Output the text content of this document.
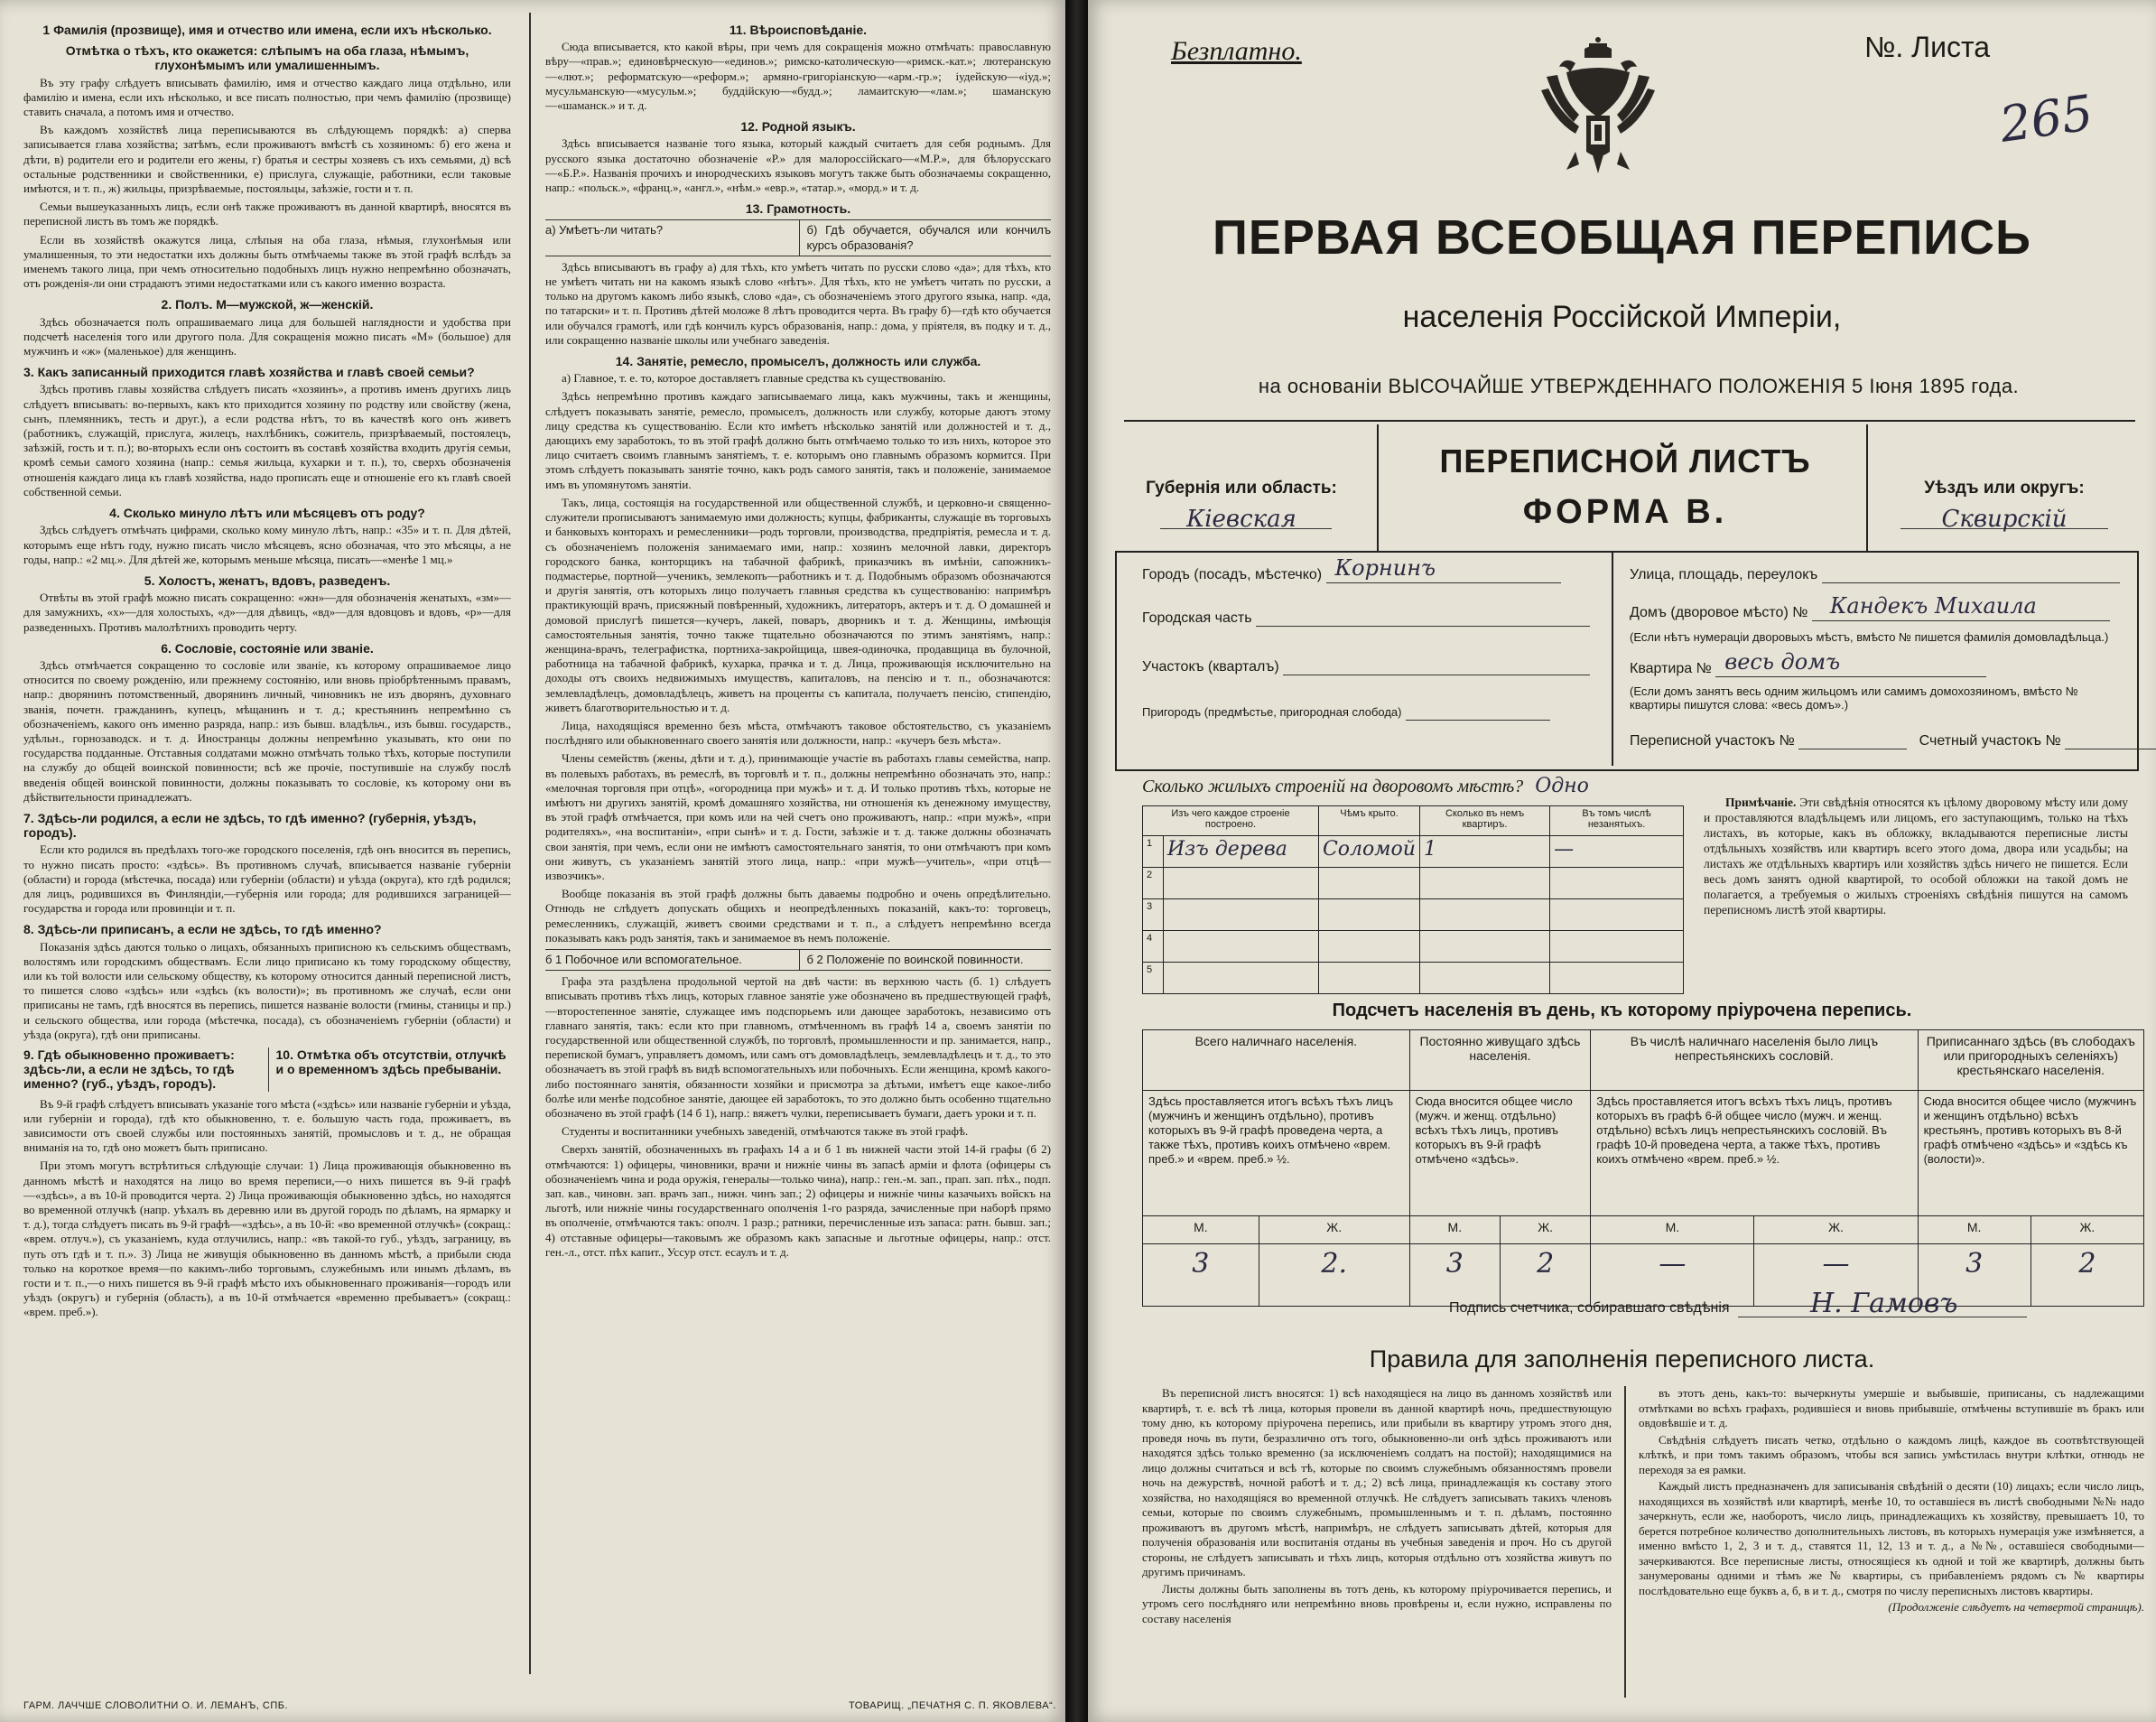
1 Фамилія (прозвище), имя и отчество или имена, если ихъ нѣсколько.
Отмѣтка о тѣхъ, кто окажется: слѣпымъ на оба глаза, нѣмымъ, глухонѣмымъ или умалишеннымъ.

Въ эту графу слѣдуетъ вписывать фамилію, имя и отчество каждаго лица отдѣльно, или фамилію и имена, если ихъ нѣсколько, и все писать полностью, при чемъ фамилію (прозвище) ставить сначала, а потомъ имя и отчество.

Въ каждомъ хозяйствѣ лица переписываются въ слѣдующемъ порядкѣ: а) сперва записывается глава хозяйства; затѣмъ, если проживаютъ вмѣстѣ съ хозяиномъ: б) его жена и дѣти, в) родители его и родители его жены, г) братья и сестры хозяевъ съ ихъ семьями, д) всѣ остальные родственники и свойственники, е) прислуга, служащіе, работники, если таковые имѣются, и т. п., ж) жильцы, призрѣваемые, постояльцы, заѣзжіе, гости и т. п.

Семьи вышеуказанныхъ лицъ, если онѣ также проживаютъ въ данной квартирѣ, вносятся въ переписной листъ въ томъ же порядкѣ.

Если въ хозяйствѣ окажутся лица, слѣпыя на оба глаза, нѣмыя, глухонѣмыя или умалишенныя, то эти недостатки ихъ должны быть отмѣчаемы также въ этой графѣ вслѣдъ за именемъ такого лица, при чемъ относительно подобныхъ лицъ нужно непремѣнно обозначать, отъ рожденія-ли они страдаютъ этими недостатками или съ какого именно возраста.

2. Полъ. М—мужской, ж—женскій.

Здѣсь обозначается полъ опрашиваемаго лица для большей наглядности и удобства при подсчетѣ населенія того или другого пола. Для сокращенія можно писать «М» (большое) для мужчинъ и «ж» (маленькое) для женщинъ.

3. Какъ записанный приходится главѣ хозяйства и главѣ своей семьи?

Здѣсь противъ главы хозяйства слѣдуетъ писать «хозяинъ», а противъ именъ другихъ лицъ слѣдуетъ вписывать: во-первыхъ, какъ кто приходится хозяину по родству или свойству (жена, сынъ, племянникъ, тесть и друг.), а если родства нѣтъ, то въ качествѣ кого онъ живетъ (работникъ, служащій, прислуга, жилецъ, нахлѣбникъ, сожитель, призрѣваемый, постоялецъ, заѣзжій, гость и т. п.); во-вторыхъ если онъ состоитъ въ составѣ хозяйства входить другія семьи, кромѣ семьи самого хозяина (напр.: семья жильца, кухарки и т. п.), то, сверхъ обозначенія отношенія каждаго лица къ главѣ хозяйства, надо прописать еще и отношеніе его къ главѣ своей собственной семьи.

4. Сколько минуло лѣтъ или мѣсяцевъ отъ роду?

Здѣсь слѣдуетъ отмѣчать цифрами, сколько кому минуло лѣтъ, напр.: «35» и т. п. Для дѣтей, которымъ еще нѣтъ году, нужно писать число мѣсяцевъ, ясно обозначая, что это мѣсяцы, а не годы, напр.: «2 мц.». Для дѣтей же, которымъ меньше мѣсяца, писать—«менѣе 1 мц.»

5. Холостъ, женатъ, вдовъ, разведенъ.

Отвѣты въ этой графѣ можно писать сокращенно: «жн»—для обозначенія женатыхъ, «зм»—для замужнихъ, «х»—для холостыхъ, «д»—для дѣвицъ, «вд»—для вдовцовъ и вдовъ, «р»—для разведенныхъ. Противъ малолѣтнихъ проводить черту.

6. Сословіе, состояніе или званіе.

Здѣсь отмѣчается сокращенно то сословіе или званіе, къ которому опрашиваемое лицо относится по своему рожденію, или прежнему состоянію, или вновь пріобрѣтеннымъ правамъ, напр.: дворянинъ потомственный, дворянинъ личный, чиновникъ не изъ дворянъ, духовнаго званія, почетн. гражданинъ, купецъ, мѣщанинъ и т. д.; крестьянинъ непремѣнно съ обозначеніемъ, какого онъ именно разряда, напр.: изъ бывш. владѣльч., изъ бывш. государств., удѣльн., горнозаводск. и т. д. Иностранцы должны непремѣнно указывать, кто они по государства подданные. Отставныя солдатами можно отмѣчать только тѣхъ, которые поступили на службу до общей воинской повинности; всѣ же прочіе, поступившіе на службу послѣ введенія общей воинской повинности, должны показывать то сословіе, къ которому они въ дѣйствительности принадлежатъ.

7. Здѣсь-ли родился, а если не здѣсь, то гдѣ именно? (губернія, уѣздъ, городъ).

Если кто родился въ предѣлахъ того-же городского поселенія, гдѣ онъ вносится въ перепись, то нужно писать просто: «здѣсь». Въ противномъ случаѣ, вписывается названіе губерніи (области) и города (мѣстечка, посада) или губерніи (области) и уѣзда (округа), кто гдѣ родился; для лицъ, родившихся въ Финляндіи,—губернія или города; для родившихся заграницей—государства и города или провинціи и т. п.

8. Здѣсь-ли приписанъ, а если не здѣсь, то гдѣ именно?

Показанія здѣсь даются только о лицахъ, обязанныхъ приписною къ сельскимъ обществамъ, волостямъ или городскимъ обществамъ. Если лицо приписано къ тому городскому обществу, или къ той волости или сельскому обществу, къ которому относится данный переписной листъ, то пишется слово «здѣсь» или «здѣсь (къ волости)»; въ противномъ же случаѣ, если они приписаны не тамъ, гдѣ вносятся въ перепись, пишется названіе волости (гмины, станицы и пр.) и сельского общества, или города (мѣстечка, посада), съ обозначеніемъ губерніи (области) и уѣзда (округа), гдѣ они приписаны.

9. Гдѣ обыкновенно проживаетъ: здѣсь-ли, а если не здѣсь, то гдѣ именно? (губ., уѣздъ, городъ).
10. Отмѣтка объ отсутствіи, отлучкѣ и о временномъ здѣсь пребываніи.

Въ 9-й графѣ слѣдуетъ вписывать указаніе того мѣста («здѣсь» или названіе губерніи и уѣзда, или губерніи и города), гдѣ кто обыкновенно, т. е. большую часть года, проживаетъ, въ зависимости отъ своей службы или постоянныхъ занятій, промысловъ и т. д., не обращая вниманія на то, гдѣ оно можетъ быть приписано.

При этомъ могутъ встрѣтиться слѣдующіе случаи: 1) Лица проживающія обыкновенно въ данномъ мѣстѣ и находятся на лицо во время переписи,—о нихъ пишется въ 9-й графѣ—«здѣсь», а въ 10-й проводится черта. 2) Лица проживающія обыкновенно здѣсь, но находятся во временной отлучкѣ (напр. уѣхалъ въ деревню или въ другой городъ по дѣламъ, на ярмарку и т. д.), тогда слѣдуетъ писать въ 9-й графѣ—«здѣсь», а въ 10-й: «во временной отлучкѣ» (сокращ.: «врем. отлуч.»), съ указаніемъ, куда отлучились, напр.: «въ такой-то губ., уѣздъ, заграницу, въ путь отъ гдѣ и т. п.». 3) Лица не живущія обыкновенно въ данномъ мѣстѣ, а прибыли сюда только на короткое время—по какимъ-либо торговымъ, служебнымъ или инымъ дѣламъ, въ гости и т. п.,—о нихъ пишется въ 9-й графѣ мѣсто ихъ обыкновеннаго проживанія—городъ или уѣздъ (округъ) и губернія (область), а въ 10-й отмѣчается «временно пребываетъ» (сокращ.: «врем. преб.»).

11. Вѣроисповѣданіе.

Сюда вписывается, кто какой вѣры, при чемъ для сокращенія можно отмѣчать: православную вѣру—«прав.»; единовѣрческую—«единов.»; римско-католическую—«римск.-кат.»; лютеранскую—«лют.»; реформатскую—«реформ.»; армяно-григоріанскую—«арм.-гр.»; іудейскую—«іуд.»; мусульманскую—«мусульм.»; буддійскую—«будд.»; ламаитскую—«лам.»; шаманскую—«шаманск.» и т. д.

12. Родной языкъ.

Здѣсь вписывается названіе того языка, который каждый считаетъ для себя роднымъ. Для русского языка достаточно обозначеніе «Р.» для малороссійскаго—«М.Р.», для бѣлорусскаго—«Б.Р.». Названія прочихъ и инородческихъ языковъ могутъ также быть обозначаемы сокращенно, напр.: «польск.», «франц.», «англ.», «нѣм.» «евр.», «татар.», «морд.» и т. д.

13. Грамотность.
а) Умѣетъ-ли читать?	б) Гдѣ обучается, обучался или кончилъ курсъ образованія?

Здѣсь вписываютъ въ графу а) для тѣхъ, кто умѣетъ читать по русски слово «да»; для тѣхъ, кто не умѣетъ читать ни на какомъ языкѣ слово «нѣтъ». Для тѣхъ, кто не умѣетъ читать по русски, а только на другомъ какомъ либо языкѣ, слово «да», съ обозначеніемъ этого другого языка, напр. «да, по татарски» и т. п. Противъ дѣтей моложе 8 лѣтъ проводится черта. Въ графу б)—гдѣ кто обучается или обучался грамотѣ, или гдѣ кончилъ курсъ образованія, напр.: дома, у пріятеля, въ подку и т. д., или сокращенно названіе школы или учебнаго заведенія.

14. Занятіе, ремесло, промыселъ, должность или служба.

а) Главное, т. е. то, которое доставляетъ главные средства къ существованію.

Здѣсь непремѣнно противъ каждаго записываемаго лица, какъ мужчины, такъ и женщины, слѣдуетъ показывать занятіе, ремесло, промыселъ, должность или службу, которые даютъ этому лицу средства къ существованію. Если кто имѣетъ нѣсколько занятій или должностей и т. д., дающихъ ему заработокъ, то въ этой графѣ должно быть отмѣчаемо только то изъ нихъ, которое это лицо считаетъ своимъ главнымъ занятіемъ, т. е. которымъ оно главнымъ образомъ кормится. При этомъ слѣдуетъ показывать занятіе точно, какъ родъ самого занятія, такъ и положеніе, занимаемое имъ въ упомянутомъ занятіи.

Такъ, лица, состоящія на государственной или общественной службѣ, и церковно-и священно-служители прописываютъ занимаемую ими должность; купцы, фабриканты, служащіе въ торговыхъ и банковыхъ конторахъ и ремесленники—родъ торговли, производства, предпріятія, ремесла и т. д. съ обозначеніемъ положенія занимаемаго ими, напр.: хозяинъ мелочной лавки, директоръ городского банка, конторщикъ на табачной фабрикѣ, приказчикъ въ имѣніи, сапожникъ-подмастерье, портной—ученикъ, землекопъ—работникъ и т. д. Подобнымъ образомъ обозначаются и другія занятія, отъ которыхъ лицо получаетъ главныя средства къ существованію: напримѣръ практикующій врачъ, присяжный повѣренный, художникъ, литераторъ, актеръ и т. д. О домашней и домовой прислугѣ пишется—кучеръ, лакей, поваръ, дворникъ и т. д. Женщины, имѣющія самостоятельныя занятія, точно также тщательно обозначаются по этимъ занятіямъ, напр.: женщина-врачъ, телеграфистка, портниха-закройщица, швея-одиночка, продавщица въ булочной, работница на табачной фабрикѣ, кухарка, прачка и т. д. Лица, проживающія исключительно на доходы отъ своихъ недвижимыхъ имуществъ, капиталовъ, на пенсію и т. п., обозначаются: землевладѣлецъ, домовладѣлецъ, живетъ на проценты съ капитала, получаетъ пенсію, стипендію, живетъ благотворительностью и т. д.

Лица, находящіяся временно безъ мѣста, отмѣчаютъ таковое обстоятельство, съ указаніемъ послѣдняго или обыкновеннаго своего занятія или должности, напр.: «кучеръ безъ мѣста».

Члены семействъ (жены, дѣти и т. д.), принимающіе участіе въ работахъ главы семейства, напр. въ полевыхъ работахъ, въ ремеслѣ, въ торговлѣ и т. п., должны непремѣнно обозначать это, напр.: «мелочная торговля при отцѣ», «огородница при мужѣ» и т. д. И только противъ тѣхъ, которые не имѣютъ ни другихъ занятій, кромѣ домашняго хозяйства, ни отношенія къ денежному имуществу, въ этой графѣ отмѣчается, при комъ или на чей счетъ оно проживаютъ, напр.: «при мужѣ», «при родителяхъ», «на воспитаніи», «при сынѣ» и т. д. Гости, заѣзжіе и т. д. также должны обозначать свои занятія, при чемъ, если они не имѣютъ самостоятельнаго занятія, то они отмѣчаютъ при комъ они живутъ, съ указаніемъ занятій этого лица, напр.: «при мужѣ—учитель», «при отцѣ—извозчикъ».

Вообще показанія въ этой графѣ должны быть даваемы подробно и очень опредѣлительно. Отнюдь не слѣдуетъ допускать общихъ и неопредѣленныхъ показаній, какъ-то: торговецъ, ремесленникъ, служащій, живетъ своими средствами и т. п., а слѣдуетъ непремѣнно всегда показывать какъ родъ занятія, такъ и занимаемое въ немъ положеніе.

б 1 Побочное или вспомогательное.	б 2 Положеніе по воинской повинности.

Графа эта раздѣлена продольной чертой на двѣ части: въ верхнюю часть (б. 1) слѣдуетъ вписывать противъ тѣхъ лицъ, которых главное занятіе уже обозначено въ предшествующей графѣ,—второстепенное занятіе, служащее имъ подспорьемъ или дающее заработокъ, независимо отъ главнаго занятія, такъ: если кто при главномъ, отмѣченномъ въ графѣ 14 а, своемъ занятіи по государственной или общественной службѣ, по торговлѣ, промышленности и пр. занимается, напр., перепиской бумагъ, управляетъ домомъ, или самъ отъ домовладѣлецъ, землевладѣлецъ и т. д., то это обозначаетъ въ этой графѣ въ видѣ вспомогательныхъ или побочныхъ. Если женщина, кромѣ какого-либо постояннаго занятія, обязанности хозяйки и присмотра за дѣтьми, имѣетъ еще какое-либо болѣе или менѣе подсобное занятіе, дающее ей заработокъ, то это должно быть особенно тщательно обозначено въ этой графѣ (14 б 1), напр.: вяжетъ чулки, переписываетъ бумаги, даетъ уроки и т. п.

Студенты и воспитанники учебныхъ заведеній, отмѣчаются также въ этой графѣ.

Сверхъ занятій, обозначенныхъ въ графахъ 14 а и б 1 въ нижней части этой 14-й графы (б 2) отмѣчаются: 1) офицеры, чиновники, врачи и нижніе чины въ запасѣ арміи и флота (офицеры съ обозначеніемъ чина и рода оружія, генералы—только чина), напр.: ген.-м. зап., прап. зап. пѣх., подп. зап. кав., чиновн. зап. врачъ зап., нижн. чинъ зап.; 2) офицеры и нижніе чины казачьихъ войскъ на льготѣ, или нижніе чины государственнаго ополченія 1-го разряда, зачисленные при наборѣ прямо въ ополченіе, отмѣчаются такъ: ополч. 1 разр.; ратники, перечисленные изъ запаса: ратн. бывш. зап.; 4) отставные офицеры—таковымъ же образомъ какъ запасные и льготные офицеры, напр.: отст. ген.-л., отст. пѣх капит., Уссур отст. есаулъ и т. д.

ГАРМ. ЛАЧЧШЕ СЛОВОЛИТНИ О. И. ЛЕМАНЪ, СПБ.	ТОВАРИЩ. „ПЕЧАТНЯ С. П. ЯКОВЛЕВА“.
Безплатно.	№. Листа
265
ПЕРВАЯ ВСЕОБЩАЯ ПЕРЕПИСЬ
населенія Россійской Имперіи,
на основаніи ВЫСОЧАЙШЕ УТВЕРЖДЕННАГО ПОЛОЖЕНІЯ 5 Іюня 1895 года.
Губернія или область:
Кіевская
ПЕРЕПИСНОЙ ЛИСТЪ
ФОРМА В.
Уѣздъ или округъ:
Сквирскій
Городъ (посадъ, мѣстечко) Корнинъ
Городская часть
Участокъ (кварталъ)
Пригородъ (предмѣстье, пригородная слобода)
Улица, площадь, переулокъ
Домъ (дворовое мѣсто) № Кандекъ Михаила
(Если нѣтъ нумераціи дворовыхъ мѣстъ, вмѣсто № пишется фамилія домовладѣльца.)
Квартира № весь домъ
(Если домъ занятъ весь одним жильцомъ или самимъ домохозяиномъ, вмѣсто № квартиры пишутся слова: «весь домъ».)
Переписной участокъ №	Счетный участокъ №
Сколько жилыхъ строеній на дворовомъ мѣстѣ? Одно
Изъ чего каждое строеніе построено.		Чѣмъ крыто.	Сколько въ немъ квартиръ.	Въ томъ числѣ незанятыхъ.
1	Изъ дерева	Соломой	1	—
2				
3				
4				
5				

Примѣчаніе. Эти свѣдѣнія относятся къ цѣлому дворовому мѣсту или дому и проставляются владѣльцемъ или лицомъ, его заступающимъ, только на тѣхъ листахъ, въ которые, какъ въ обложку, вкладываются переписные листы отдѣльныхъ хозяйствъ или квартиръ всего этого дома, двора или усадьбы; на листахъ же отдѣльныхъ квартиръ или хозяйствъ здѣсь ничего не пишется. Если весь домъ занятъ одной квартирой, то особой обложки на такой домъ не полагается, а требуемыя о жилыхъ строеніяхъ свѣдѣнія пишутся на самомъ переписномъ листѣ этой квартиры.

Подсчетъ населенія въ день, къ которому пріурочена перепись.
Всего наличнаго населенія.		Постоянно живущаго здѣсь населенія.		Въ числѣ наличнаго населенія было лицъ непрестьянскихъ сословій.		Приписаннаго здѣсь (въ слободахъ или пригородныхъ селеніяхъ) крестьянскаго населенія.	
Здѣсь проставляется итогъ всѣхъ тѣхъ лицъ (мужчинъ и женщинъ отдѣльно), противъ которыхъ въ 9-й графѣ проведена черта, а также тѣхъ, противъ коихъ отмѣчено «врем. преб.» и «врем. преб.» ½.		Сюда вносится общее число (мужч. и женщ. отдѣльно) всѣхъ тѣхъ лицъ, противъ которыхъ въ 9-й графѣ отмѣчено «здѣсь».		Здѣсь проставляется итогъ всѣхъ тѣхъ лицъ, противъ которыхъ въ графѣ 6-й общее число (мужч. и женщ. отдѣльно) всѣхъ лицъ непрестьянскихъ сословій. Въ графѣ 10-й проведена черта, а также тѣхъ, противъ коихъ отмѣчено «врем. преб.» ½.		Сюда вносится общее число (мужчинъ и женщинъ отдѣльно) всѣхъ крестьянъ, противъ которыхъ въ 8-й графѣ отмѣчено «здѣсь» и «здѣсь къ (волости)».	
М.	Ж.	М.	Ж.	М.	Ж.	М.	Ж.
3	2.	3	2	—	—	3	2
Подпись счетчика, собиравшаго свѣдѣнія	Н. Гамовъ
Правила для заполненія переписного листа.

Въ переписной листъ вносятся: 1) всѣ находящіеся на лицо въ данномъ хозяйствѣ или квартирѣ, т. е. всѣ тѣ лица, которыя провели въ данной квартирѣ ночь, предшествующую тому дню, къ которому пріурочена перепись, или прибыли въ квартиру утромъ этого дня, проведя ночь въ пути, безразлично отъ того, обыкновенно-ли онѣ здѣсь проживаютъ или находятся здѣсь только временно (за исключеніемъ солдатъ на постой); находящимися на лицо должны считаться и всѣ тѣ, которые по своимъ служебнымъ обязанностямъ провели ночь на дежурствѣ, ночной работѣ и т. д.; 2) всѣ лица, принадлежащія къ составу этого хозяйства, но находящіяся во временной отлучкѣ. Не слѣдуетъ записывать такихъ членовъ семьи, которые по своимъ служебнымъ, промышленнымъ и т. п. дѣламъ, постоянно проживаютъ въ другомъ мѣстѣ, напримѣръ, не слѣдуетъ записывать дѣтей, которыя для полученія образованія или воспитанія отданы въ учебныя заведенія и проч. Но съ другой стороны, не слѣдуетъ записывать и тѣхъ лицъ, которыя отдѣльно отъ хозяйства живутъ по другимъ причинамъ.

Листы должны быть заполнены въ тотъ день, къ которому пріурочивается перепись, и утромъ сего послѣдняго или непремѣнно вновь провѣрены и, если нужно, исправлены по составу населенія

въ этотъ день, какъ-то: вычеркнуты умершіе и выбывшіе, приписаны, съ надлежащими отмѣтками во всѣхъ графахъ, родившіеся и вновь прибывшіе, отмѣчены вступившіе въ бракъ или овдовѣвшіе и т. д.

Свѣдѣнія слѣдуетъ писать четко, отдѣльно о каждомъ лицѣ, каждое въ соотвѣтствующей клѣткѣ, и при томъ такимъ образомъ, чтобы вся запись умѣстилась внутри клѣтки, отнюдь не переходя за ея рамки.

Каждый листъ предназначенъ для записыванія свѣдѣній о десяти (10) лицахъ; если число лицъ, находящихся въ хозяйствѣ или квартирѣ, менѣе 10, то оставшіеся въ листѣ свободными №№ надо зачеркнуть, если же, наоборотъ, число лицъ, принадлежащихъ къ хозяйству, превышаетъ 10, то берется потребное количество дополнительныхъ листовъ, въ которыхъ нумерація уже измѣняется, а именно вмѣсто 1, 2, 3 и т. д., ставятся 11, 12, 13 и т. д., а №№, оставшіеся свободными—зачеркиваются. Все переписные листы, относящіеся къ одной и той же квартирѣ, должны быть занумерованы одними и тѣмъ же № квартиры, съ прибавленіемъ рядомъ съ № квартиры послѣдовательно еще буквъ а, б, в и т. д., смотря по числу переписныхъ листовъ квартиры.

(Продолженіе слѣдуетъ на четвертой страницѣ).
